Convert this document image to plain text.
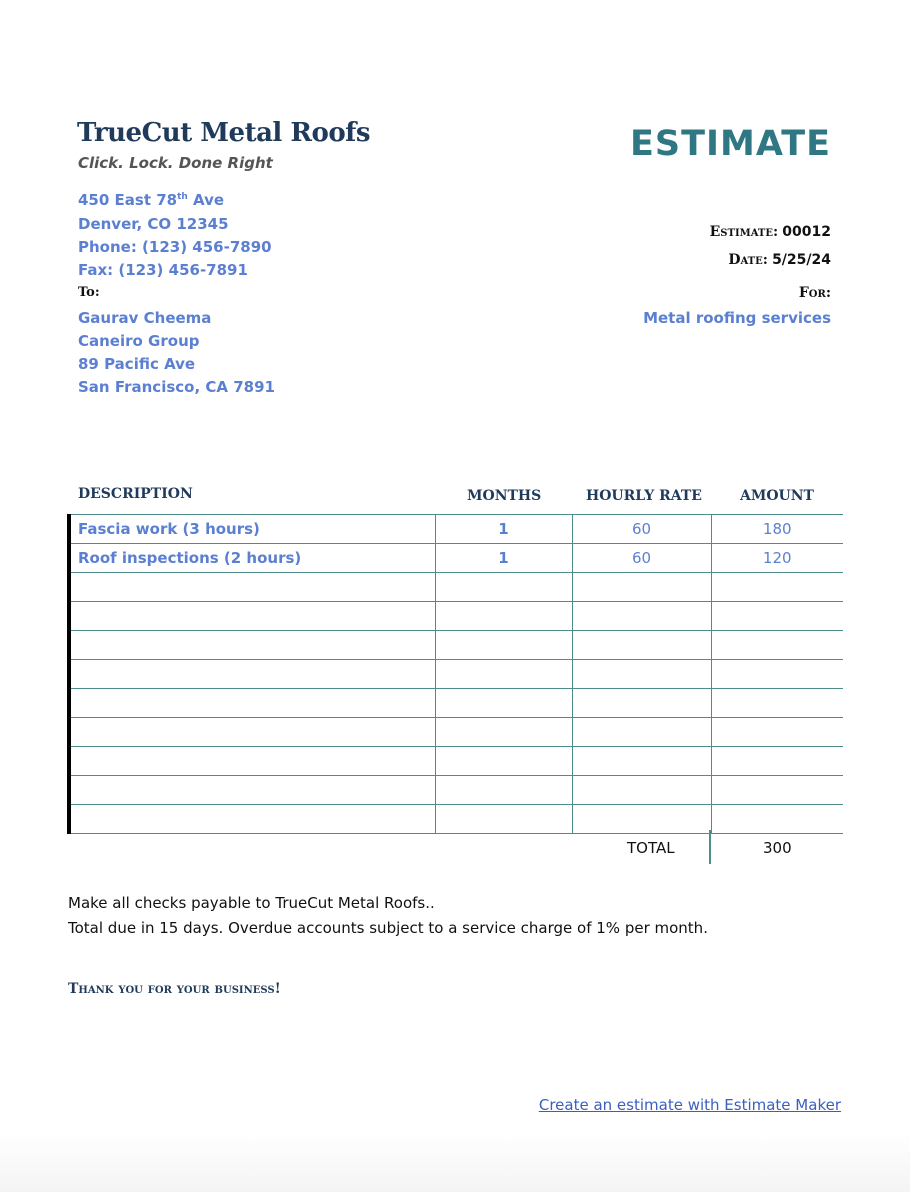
TrueCut Metal Roofs
Click. Lock. Done Right	ESTIMATE
450 East 78th Ave
Denver, CO 12345
Phone: (123) 456-7890
Fax: (123) 456-7891
To:
Gaurav Cheema
Caneiro Group
89 Pacific Ave
San Francisco, CA 7891
Estimate: 00012
Date: 5/25/24
For:
Metal roofing services
DESCRIPTION	MONTHS	HOURLY RATE	AMOUNT
Fascia work (3 hours)	1	60	180
Roof inspections (2 hours)	1	60	120

TOTAL	300
Make all checks payable to TrueCut Metal Roofs..
Total due in 15 days. Overdue accounts subject to a service charge of 1% per month.
Thank you for your business!
Create an estimate with Estimate Maker
